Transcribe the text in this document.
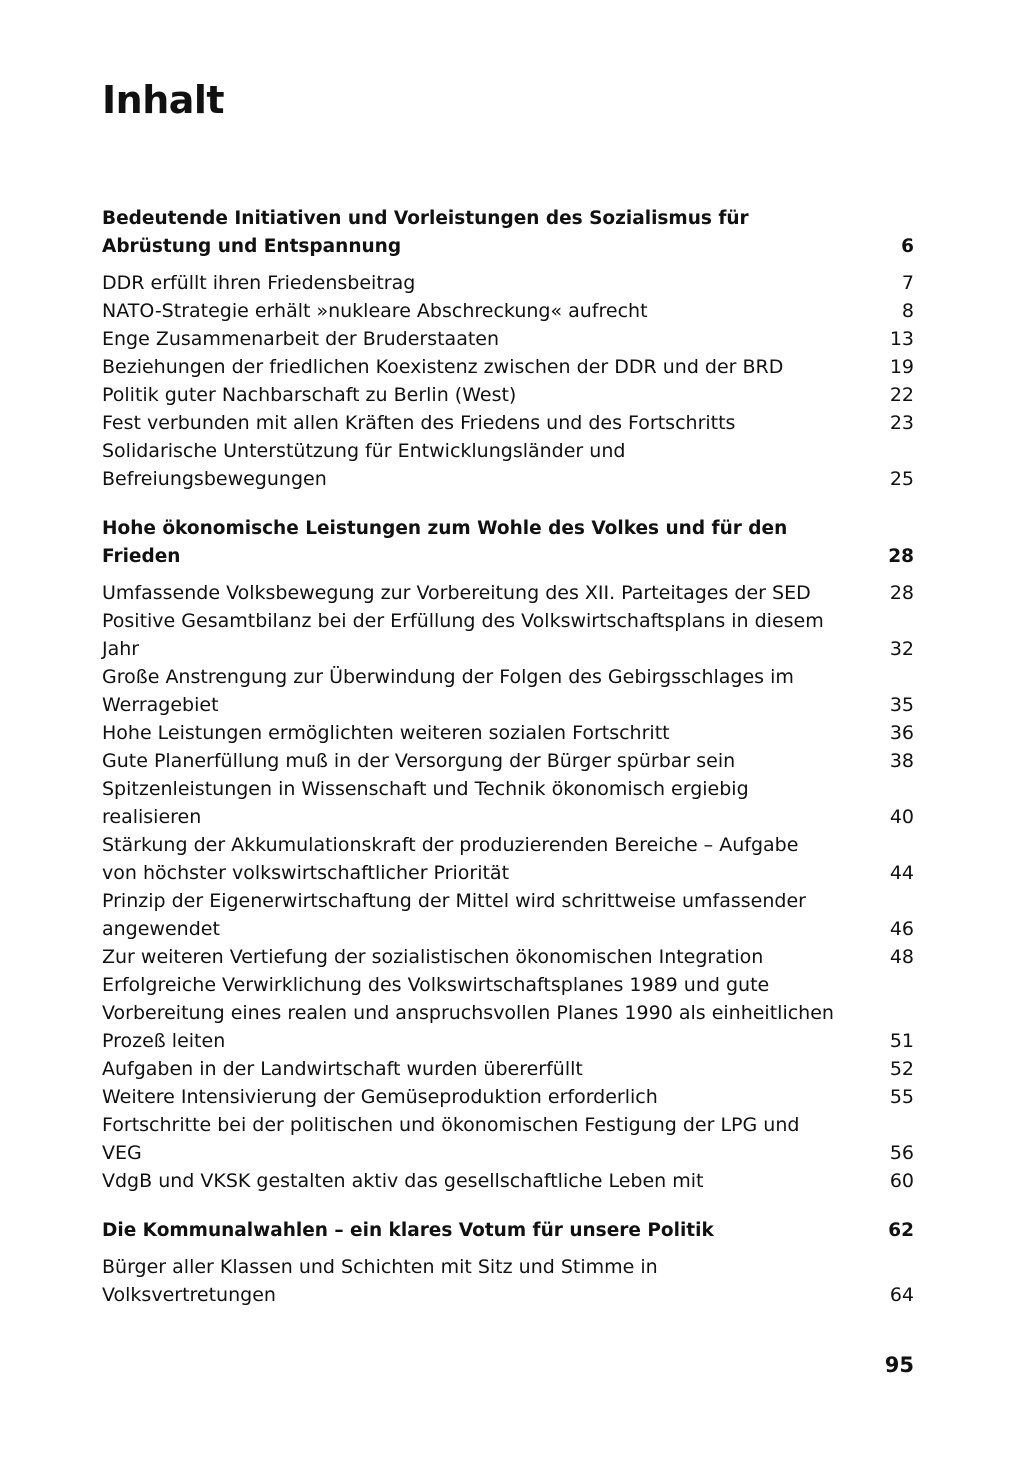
Inhalt
Bedeutende Initiativen und Vorleistungen des Sozialismus für Abrüstung und Entspannung	6
DDR erfüllt ihren Friedensbeitrag	7
NATO-Strategie erhält »nukleare Abschreckung« aufrecht	8
Enge Zusammenarbeit der Bruderstaaten	13
Beziehungen der friedlichen Koexistenz zwischen der DDR und der BRD	19
Politik guter Nachbarschaft zu Berlin (West)	22
Fest verbunden mit allen Kräften des Friedens und des Fortschritts	23
Solidarische Unterstützung für Entwicklungsländer und Befreiungsbewegungen	25
Hohe ökonomische Leistungen zum Wohle des Volkes und für den Frieden	28
Umfassende Volksbewegung zur Vorbereitung des XII. Parteitages der SED	28
Positive Gesamtbilanz bei der Erfüllung des Volkswirtschaftsplans in diesem Jahr	32
Große Anstrengung zur Überwindung der Folgen des Gebirgsschlages im Werragebiet	35
Hohe Leistungen ermöglichten weiteren sozialen Fortschritt	36
Gute Planerfüllung muß in der Versorgung der Bürger spürbar sein	38
Spitzenleistungen in Wissenschaft und Technik ökonomisch ergiebig realisieren	40
Stärkung der Akkumulationskraft der produzierenden Bereiche – Aufgabe von höchster volkswirtschaftlicher Priorität	44
Prinzip der Eigenerwirtschaftung der Mittel wird schrittweise umfassender angewendet	46
Zur weiteren Vertiefung der sozialistischen ökonomischen Integration	48
Erfolgreiche Verwirklichung des Volkswirtschaftsplanes 1989 und gute Vorbereitung eines realen und anspruchsvollen Planes 1990 als einheitlichen Prozeß leiten	51
Aufgaben in der Landwirtschaft wurden übererfüllt	52
Weitere Intensivierung der Gemüseproduktion erforderlich	55
Fortschritte bei der politischen und ökonomischen Festigung der LPG und VEG	56
VdgB und VKSK gestalten aktiv das gesellschaftliche Leben mit	60
Die Kommunalwahlen – ein klares Votum für unsere Politik	62
Bürger aller Klassen und Schichten mit Sitz und Stimme in Volksvertretungen	64
95
